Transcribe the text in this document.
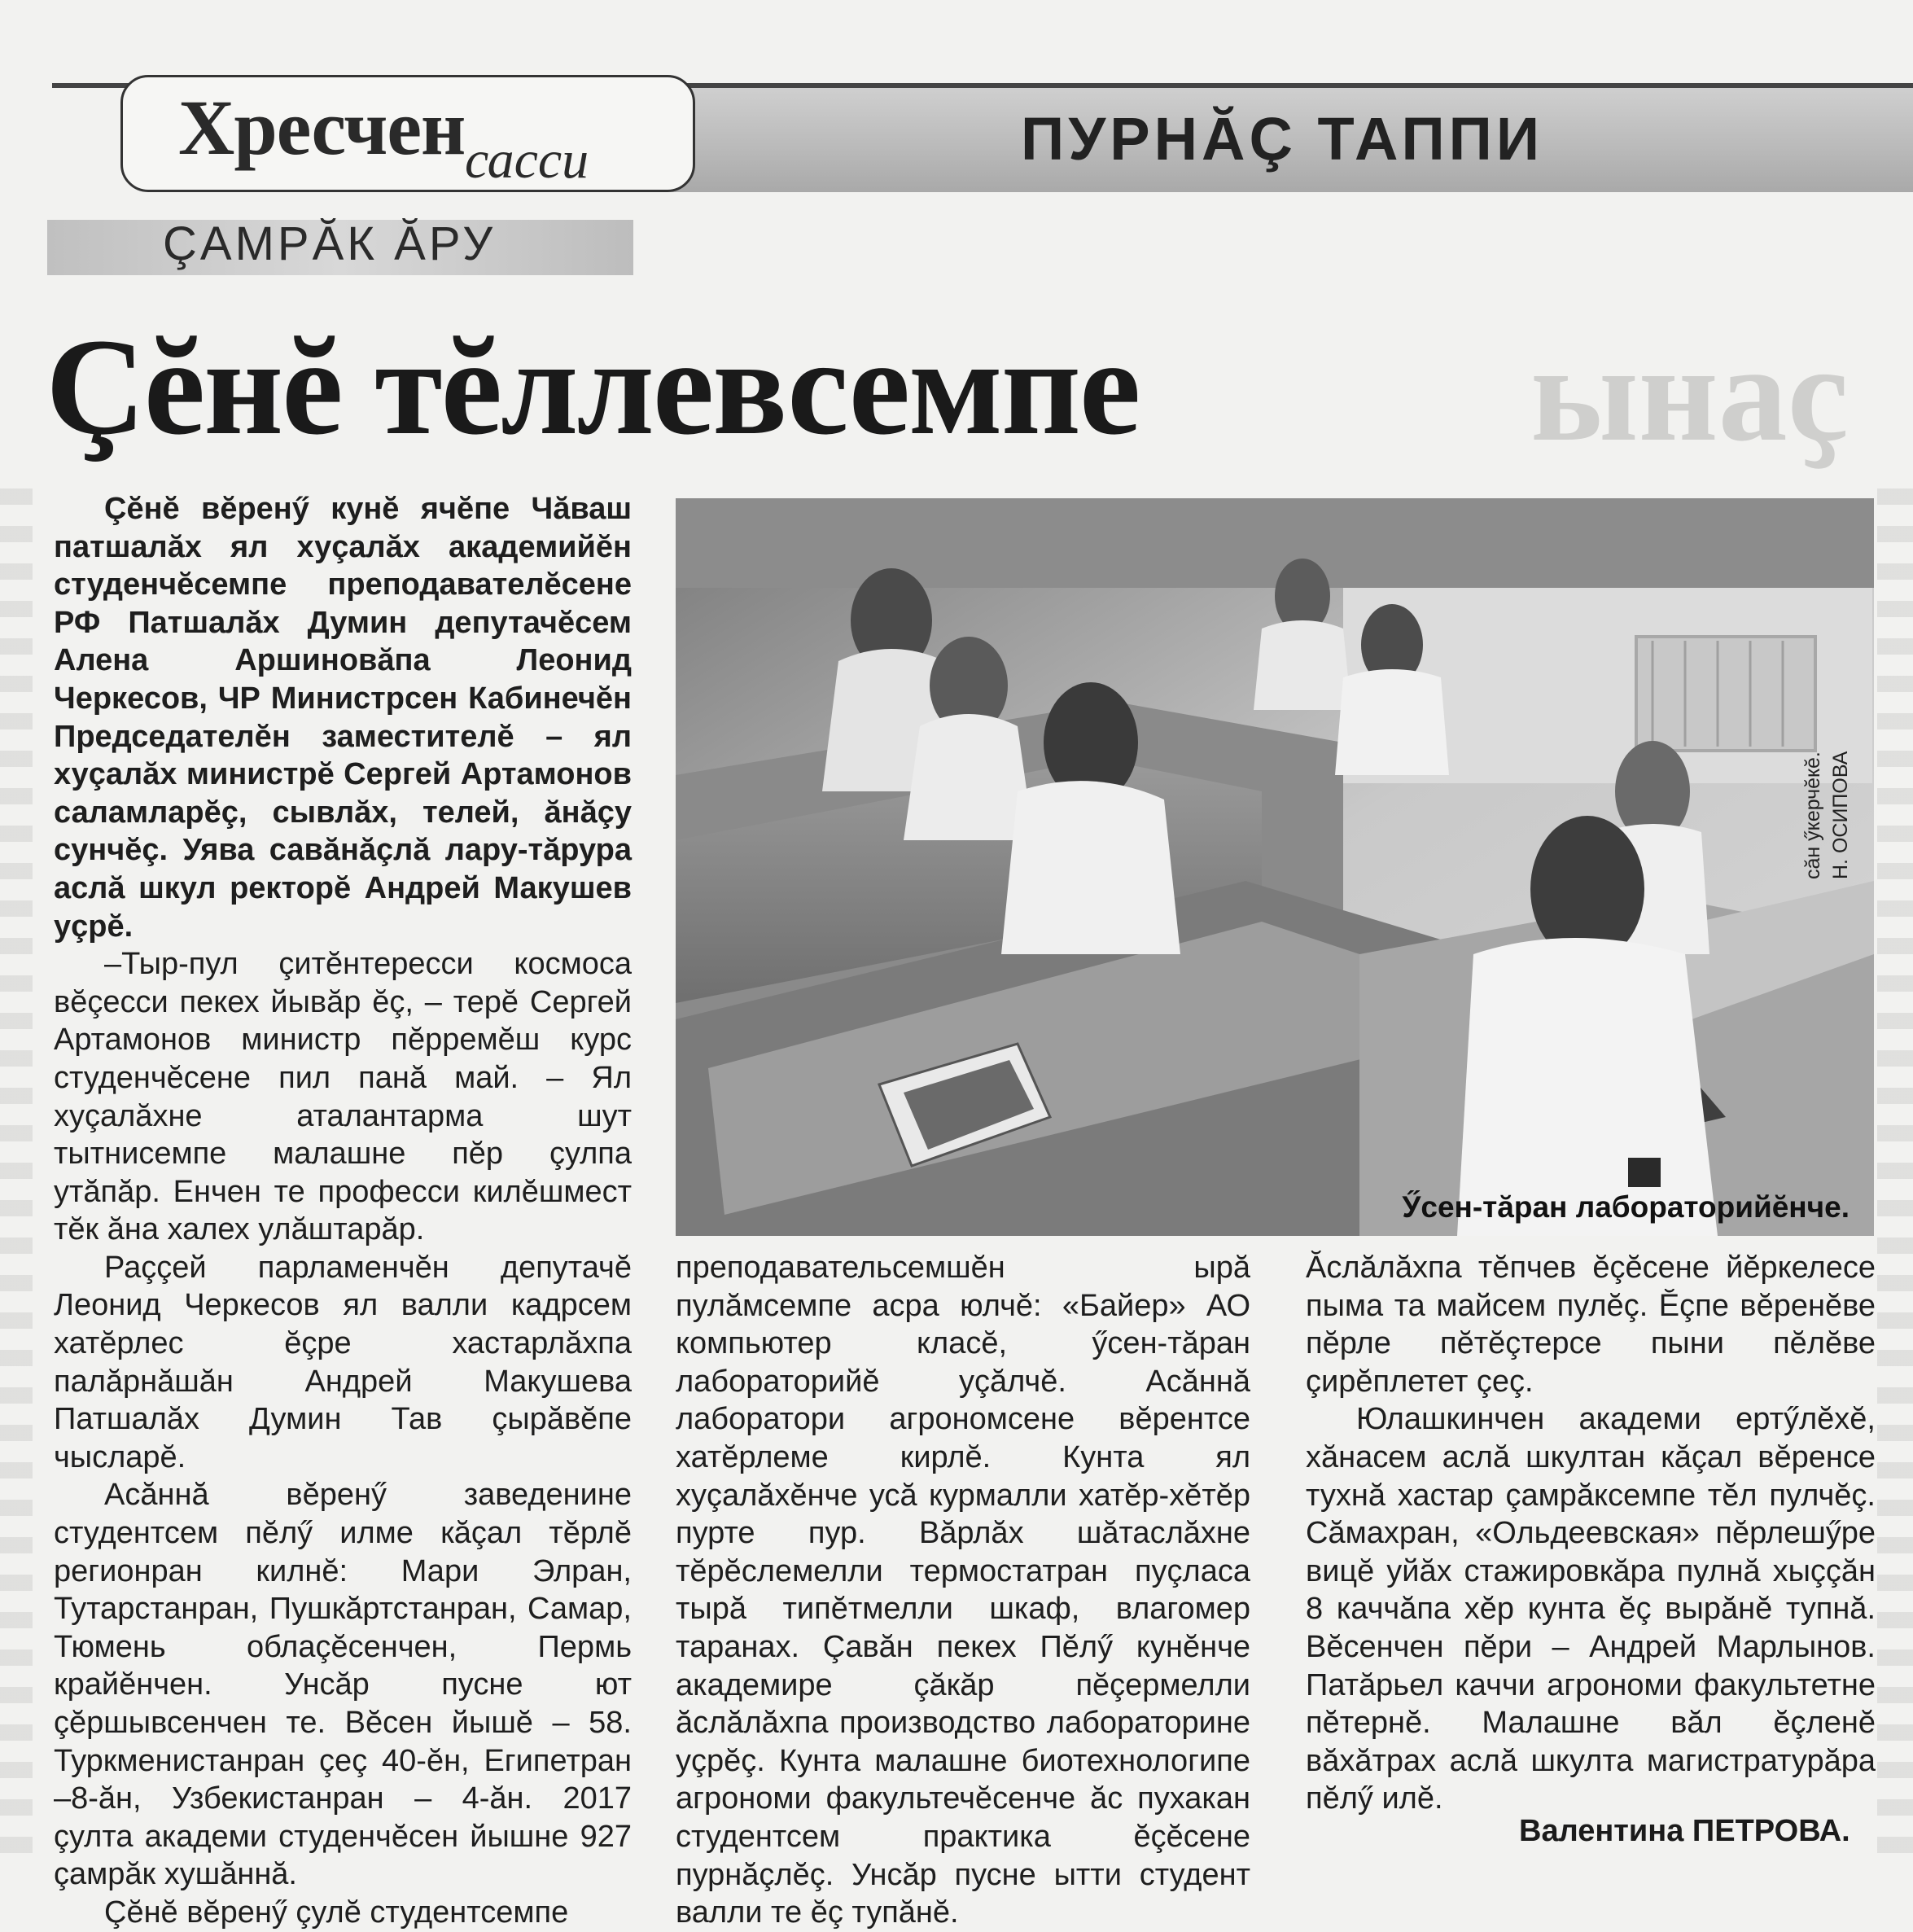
ПУРНĂÇ ТАППИ
Хресчен сасси
ÇАМРĂК ĂРУ
ынаҫ
Çĕнĕ тĕллевсемпе

Çĕнĕ вĕренӳ кунĕ ячĕпе Чăваш патшалăх ял хуçалăх академийĕн студенчĕсемпе преподавателĕсене РФ Патшалăх Думин депутачĕсем Алена Аршиновăпа Леонид Черкесов, ЧР Министрсен Кабинечĕн Председателĕн заместителĕ – ял хуçалăх министрĕ Сергей Артамонов саламларĕç, сывлăх, телей, ăнăçу сунчĕç. Уява савăнăçлă лару-тăрура аслă шкул ректорĕ Андрей Макушев уçрĕ.

–Тыр-пул çитĕнтересси космоса вĕçесси пекех йывăр ĕç, – терĕ Сергей Артамонов министр пĕрремĕш курс студенчĕсене пил панă май. – Ял хуçалăхне аталантарма шут тытнисемпе малашне пĕр çулпа утăпăр. Енчен те професси килĕшмест тĕк ăна халех улăштарăр.

Раççей парламенчĕн депутачĕ Леонид Черкесов ял валли кадрсем хатĕрлес ĕçре хастарлăхпа палăрнăшăн Андрей Макушева Патшалăх Думин Тав çырăвĕпе чысларĕ.

Асăннă вĕренӳ заведенине студентсем пĕлӳ илме кăçал тĕрлĕ регионран килнĕ: Мари Элран, Тутарстанран, Пушкăртстанран, Самар, Тюмень облаçĕсенчен, Пермь крайĕнчен. Унсăр пусне ют çĕршывсенчен те. Вĕсен йышĕ – 58. Туркменистанран çеç 40-ĕн, Египетран –8-ăн, Узбекистанран – 4-ăн. 2017 çулта академи студенчĕсен йышне 927 çамрăк хушăннă.

Çĕнĕ вĕренӳ çулĕ студентсемпе

Ӳсен-тăран лабораторийĕнче.
сăн ӳкерчĕкĕ. Н. ОСИПОВА

преподавательсемшĕн ырă пулăмсемпе асра юлчĕ: «Байер» АО компьютер класĕ, ӳсен-тăран лабораторийĕ уçăлчĕ. Асăннă лаборатори агрономсене вĕрентсе хатĕрлеме кирлĕ. Кунта ял хуçалăхĕнче усă курмалли хатĕр-хĕтĕр пурте пур. Вăрлăх шăтаслăхне тĕрĕслемелли термостатран пуçласа тырă типĕтмелли шкаф, влагомер таранах. Çавăн пекех Пĕлӳ кунĕнче академире çăкăр пĕçермелли ăслăлăхпа производство лабораторине уçрĕç. Кунта малашне биотехнологипе агрономи факультечĕсенче ăс пухакан студентсем практика ĕçĕсене пурнăçлĕç. Унсăр пусне ытти студент валли те ĕç тупăнĕ.

Ăслăлăхпа тĕпчев ĕçĕсене йĕркелесе пыма та майсем пулĕç. Ĕçпе вĕренĕве пĕрле пĕтĕçтерсе пыни пĕлĕве çирĕплетет çеç.

Юлашкинчен академи ертӳлĕхĕ, хăнасем аслă шкултан кăçал вĕренсе тухнă хастар çамрăксемпе тĕл пулчĕç. Сăмахран, «Ольдеевская» пĕрлешӳре вицĕ уйăх стажировкăра пулнă хыççăн 8 каччăпа хĕр кунта ĕç вырăнĕ тупнă. Вĕсенчен пĕри – Андрей Марлынов. Патăрьел каччи агрономи факультетне пĕтернĕ. Малашне вăл ĕçленĕ вăхăтрах аслă шкулта магистратурăра пĕлӳ илĕ.

Валентина ПЕТРОВА.
